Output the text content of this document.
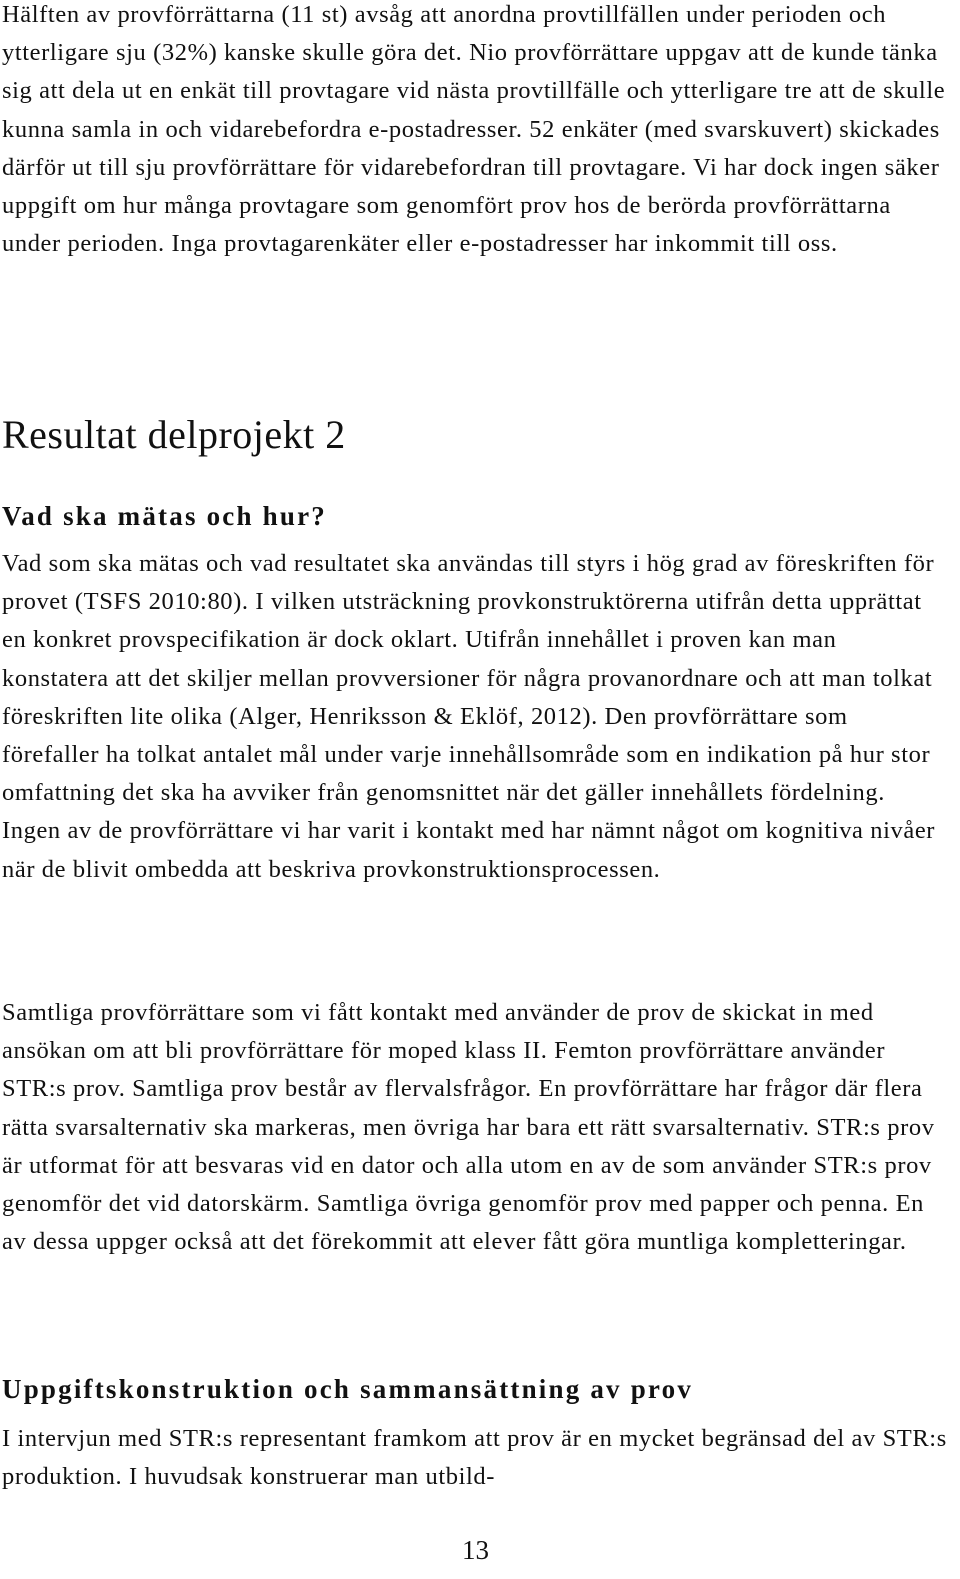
Hälften av provförrättarna (11 st) avsåg att anordna provtillfällen under perioden och ytterligare sju (32%) kanske skulle göra det. Nio provförrättare uppgav att de kunde tänka sig att dela ut en enkät till provtagare vid nästa provtillfälle och ytterligare tre att de skulle kunna samla in och vidarebefordra e-postadresser. 52 enkäter (med svarskuvert) skickades därför ut till sju provförrättare för vidarebefordran till provtagare. Vi har dock ingen säker uppgift om hur många provtagare som genomfört prov hos de berörda provförrättarna under perioden. Inga provtagarenkäter eller e-postadresser har inkommit till oss.

Resultat delprojekt 2
Vad ska mätas och hur?

Vad som ska mätas och vad resultatet ska användas till styrs i hög grad av föreskriften för provet (TSFS 2010:80). I vilken utsträckning provkonstruktörerna utifrån detta upprättat en konkret provspecifikation är dock oklart. Utifrån innehållet i proven kan man konstatera att det skiljer mellan provversioner för några provanordnare och att man tolkat föreskriften lite olika (Alger, Henriksson & Eklöf, 2012). Den provförrättare som förefaller ha tolkat antalet mål under varje innehållsområde som en indikation på hur stor omfattning det ska ha avviker från genomsnittet när det gäller innehållets fördelning. Ingen av de provförrättare vi har varit i kontakt med har nämnt något om kognitiva nivåer när de blivit ombedda att beskriva provkonstruktionsprocessen.

Samtliga provförrättare som vi fått kontakt med använder de prov de skickat in med ansökan om att bli provförrättare för moped klass II. Femton provförrättare använder STR:s prov. Samtliga prov består av flervalsfrågor. En provförrättare har frågor där flera rätta svarsalternativ ska markeras, men övriga har bara ett rätt svarsalternativ. STR:s prov är utformat för att besvaras vid en dator och alla utom en av de som använder STR:s prov genomför det vid datorskärm. Samtliga övriga genomför prov med papper och penna. En av dessa uppger också att det förekommit att elever fått göra muntliga kompletteringar.

Uppgiftskonstruktion och sammansättning av prov

I intervjun med STR:s representant framkom att prov är en mycket begränsad del av STR:s produktion. I huvudsak konstruerar man utbild-

13
